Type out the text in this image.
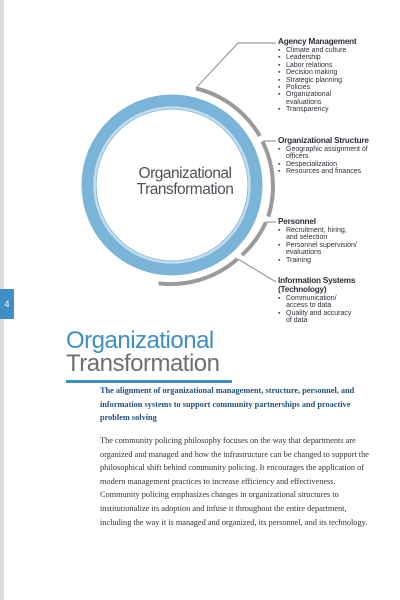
4
Organizational
Transformation
Agency Management
▪ Climate and culture
▪ Leadership
▪ Labor relations
▪ Decision making
▪ Strategic planning
▪ Policies
▪ Organizational evaluations
▪ Transparency
Organizational Structure
▪ Geographic assignment of officers
▪ Despecialization
▪ Resources and finances
Personnel
▪ Recruitment, hiring, and selection
▪ Personnel supervision/ evaluations
▪ Training
Information Systems
(Technology)
▪ Communication/ access to data
▪ Quality and accuracy of data
Organizational
Transformation

The alignment of organizational management, structure, personnel, and information systems to support community partnerships and proactive problem solving

The community policing philosophy focuses on the way that departments are organized and managed and how the infrastructure can be changed to support the philosophical shift behind community policing. It encourages the application of modern management practices to increase efficiency and effectiveness. Community policing emphasizes changes in organizational structures to institutionalize its adoption and infuse it throughout the entire department, including the way it is managed and organized, its personnel, and its technology.
